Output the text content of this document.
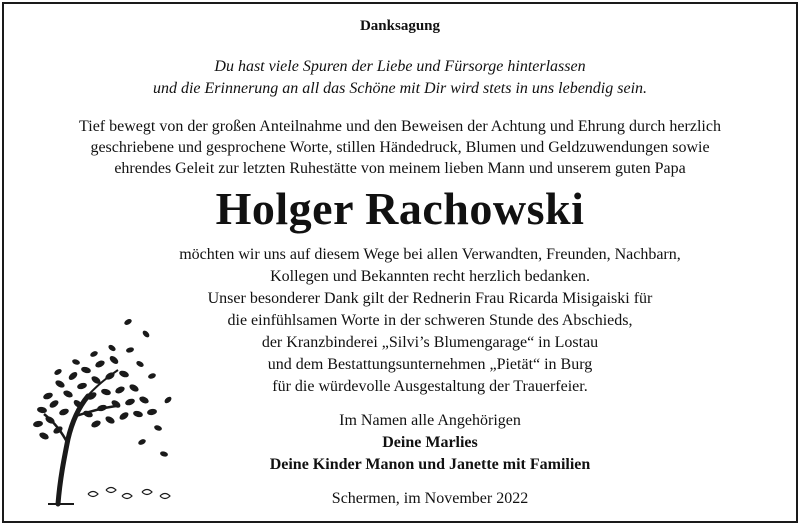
Danksagung
Du hast viele Spuren der Liebe und Fürsorge hinterlassen
und die Erinnerung an all das Schöne mit Dir wird stets in uns lebendig sein.
Tief bewegt von der großen Anteilnahme und den Beweisen der Achtung und Ehrung durch herzlich
geschriebene und gesprochene Worte, stillen Händedruck, Blumen und Geldzuwendungen sowie
ehrendes Geleit zur letzten Ruhestätte von meinem lieben Mann und unserem guten Papa
Holger Rachowski
möchten wir uns auf diesem Wege bei allen Verwandten, Freunden, Nachbarn,
Kollegen und Bekannten recht herzlich bedanken.
Unser besonderer Dank gilt der Rednerin Frau Ricarda Misigaiski für
die einfühlsamen Worte in der schweren Stunde des Abschieds,
der Kranzbinderei „Silvi’s Blumengarage“ in Lostau
und dem Bestattungsunternehmen „Pietät“ in Burg
für die würdevolle Ausgestaltung der Trauerfeier.
Im Namen alle Angehörigen
Deine Marlies
Deine Kinder Manon und Janette mit Familien
Schermen, im November 2022
